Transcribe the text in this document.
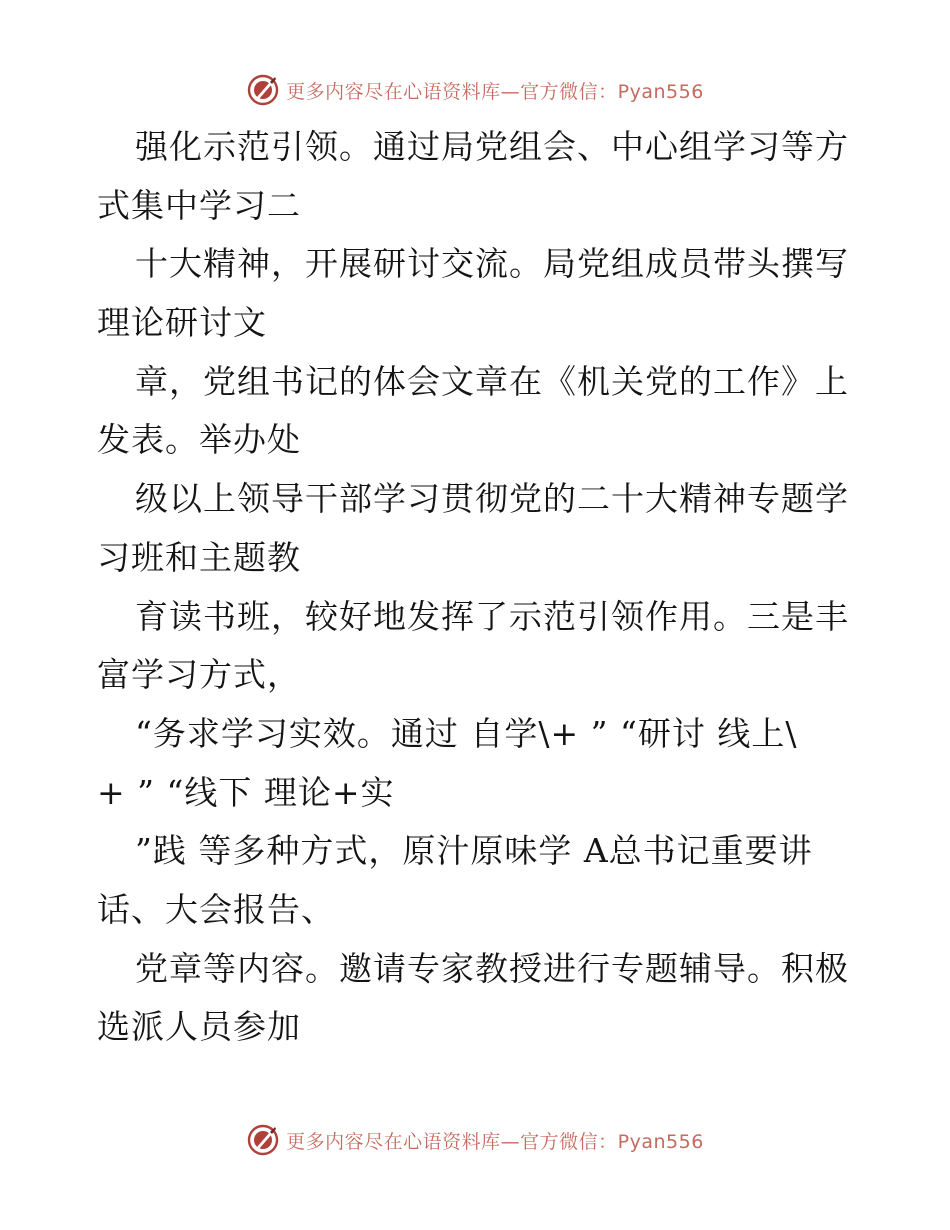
更多内容尽在心语资料库—官方微信：Pyan556
强化示范引领。通过局党组会、中心组学习等方
式集中学习二
十大精神，开展研讨交流。局党组成员带头撰写
理论研讨文
章，党组书记的体会文章在《机关党的工作》上
发表。举办处
级以上领导干部学习贯彻党的二十大精神专题学
习班和主题教
育读书班，较好地发挥了示范引领作用。三是丰
富学习方式，
“务求学习实效。通过 自学\+ ” “研讨 线上\
+ ” “线下 理论+实
”践 等多种方式，原汁原味学 A总书记重要讲
话、大会报告、
党章等内容。邀请专家教授进行专题辅导。积极
选派人员参加
更多内容尽在心语资料库—官方微信：Pyan556
